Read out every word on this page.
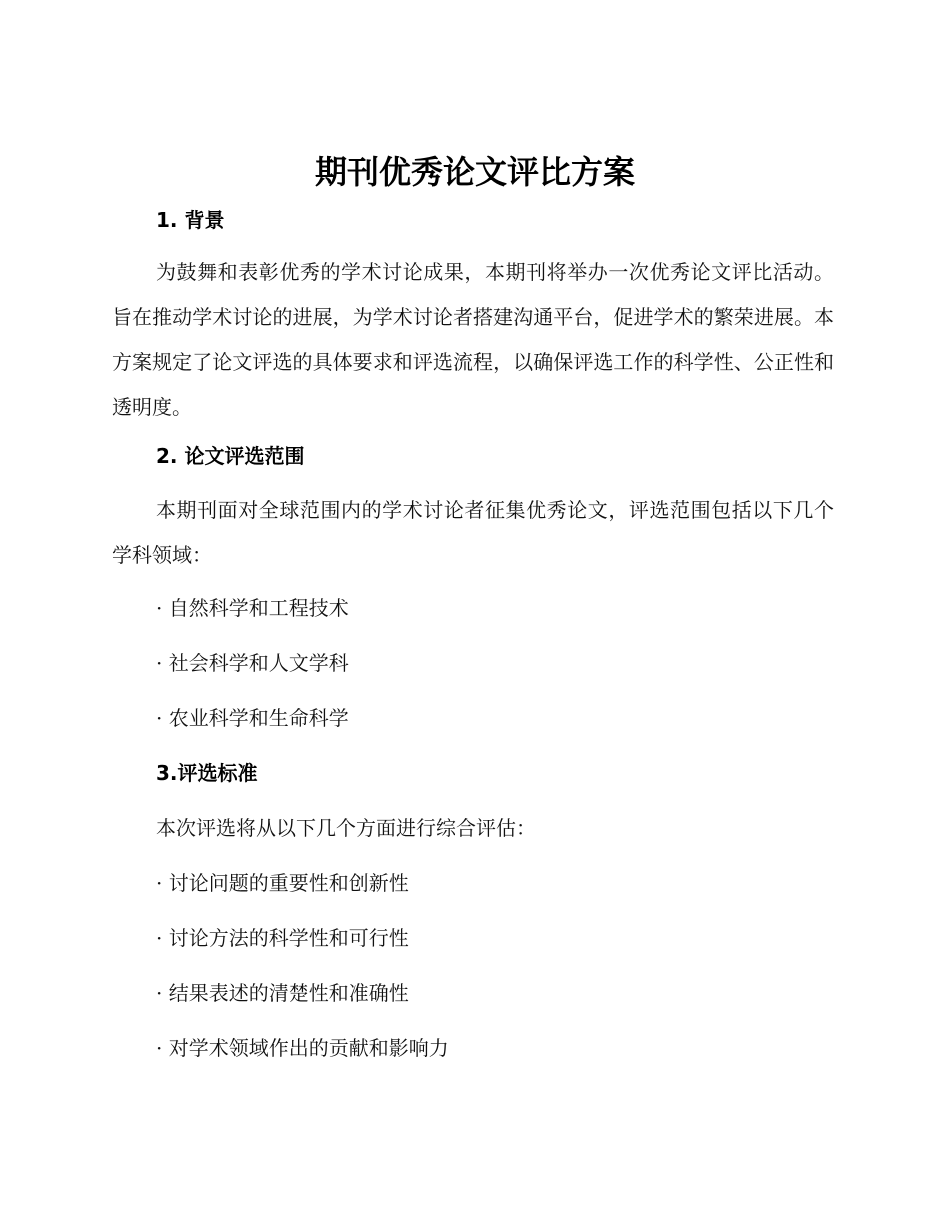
期刊优秀论文评比方案
1. 背景

为鼓舞和表彰优秀的学术讨论成果，本期刊将举办一次优秀论文评比活动。 旨在推动学术讨论的进展，为学术讨论者搭建沟通平台，促进学术的繁荣进展。本方案规定了论文评选的具体要求和评选流程，以确保评选工作的科学性、公正性和透明度。

2. 论文评选范围

本期刊面对全球范围内的学术讨论者征集优秀论文，评选范围包括以下几个学科领域：

· 自然科学和工程技术
· 社会科学和人文学科
· 农业科学和生命科学
3.评选标准
本次评选将从以下几个方面进行综合评估：
· 讨论问题的重要性和创新性
· 讨论方法的科学性和可行性
· 结果表述的清楚性和准确性
· 对学术领域作出的贡献和影响力
